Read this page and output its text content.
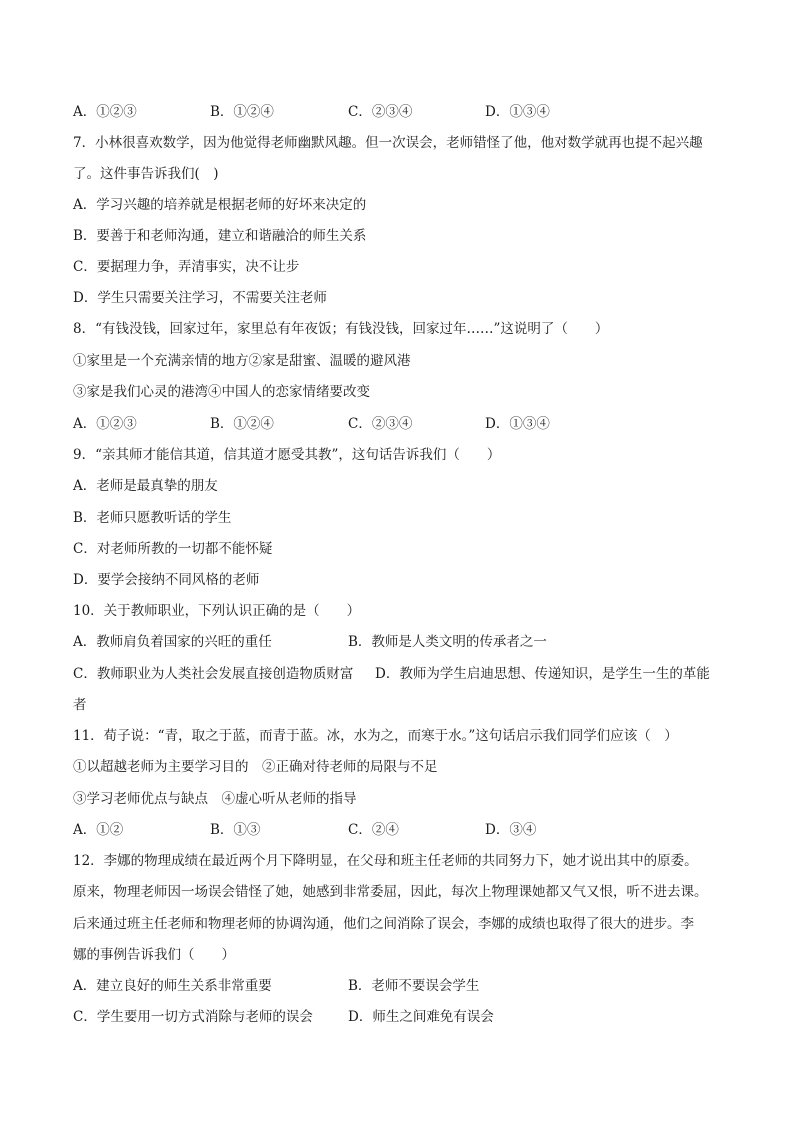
A．①②③	B．①②④	C．②③④	D．①③④
7．小林很喜欢数学，因为他觉得老师幽默风趣。但一次误会，老师错怪了他，他对数学就再也提不起兴趣
了。这件事告诉我们(　)
A．学习兴趣的培养就是根据老师的好坏来决定的
B．要善于和老师沟通，建立和谐融洽的师生关系
C．要据理力争，弄清事实，决不让步
D．学生只需要关注学习，不需要关注老师
8．“有钱没钱，回家过年，家里总有年夜饭；有钱没钱，回家过年……”这说明了（　　）
①家里是一个充满亲情的地方②家是甜蜜、温暖的避风港
③家是我们心灵的港湾④中国人的恋家情绪要改变
A．①②③	B．①②④	C．②③④	D．①③④
9．“亲其师才能信其道，信其道才愿受其教”，这句话告诉我们（　　）
A．老师是最真挚的朋友
B．老师只愿教听话的学生
C．对老师所教的一切都不能怀疑
D．要学会接纳不同风格的老师
10．关于教师职业，下列认识正确的是（　　）
A．教师肩负着国家的兴旺的重任	B．教师是人类文明的传承者之一
C．教师职业为人类社会发展直接创造物质财富 D．教师为学生启迪思想、传递知识，是学生一生的革能
者
11．荀子说：“青，取之于蓝，而青于蓝。冰，水为之，而寒于水。”这句话启示我们同学们应该（　）
①以超越老师为主要学习目的　②正确对待老师的局限与不足
③学习老师优点与缺点　④虚心听从老师的指导
A．①②	B．①③	C．②④	D．③④
12．李娜的物理成绩在最近两个月下降明显，在父母和班主任老师的共同努力下，她才说出其中的原委。
原来，物理老师因一场误会错怪了她，她感到非常委屈，因此，每次上物理课她都又气又恨，听不进去课。
后来通过班主任老师和物理老师的协调沟通，他们之间消除了误会，李娜的成绩也取得了很大的进步。李
娜的事例告诉我们（　　）
A．建立良好的师生关系非常重要	B．老师不要误会学生
C．学生要用一切方式消除与老师的误会	D．师生之间难免有误会
